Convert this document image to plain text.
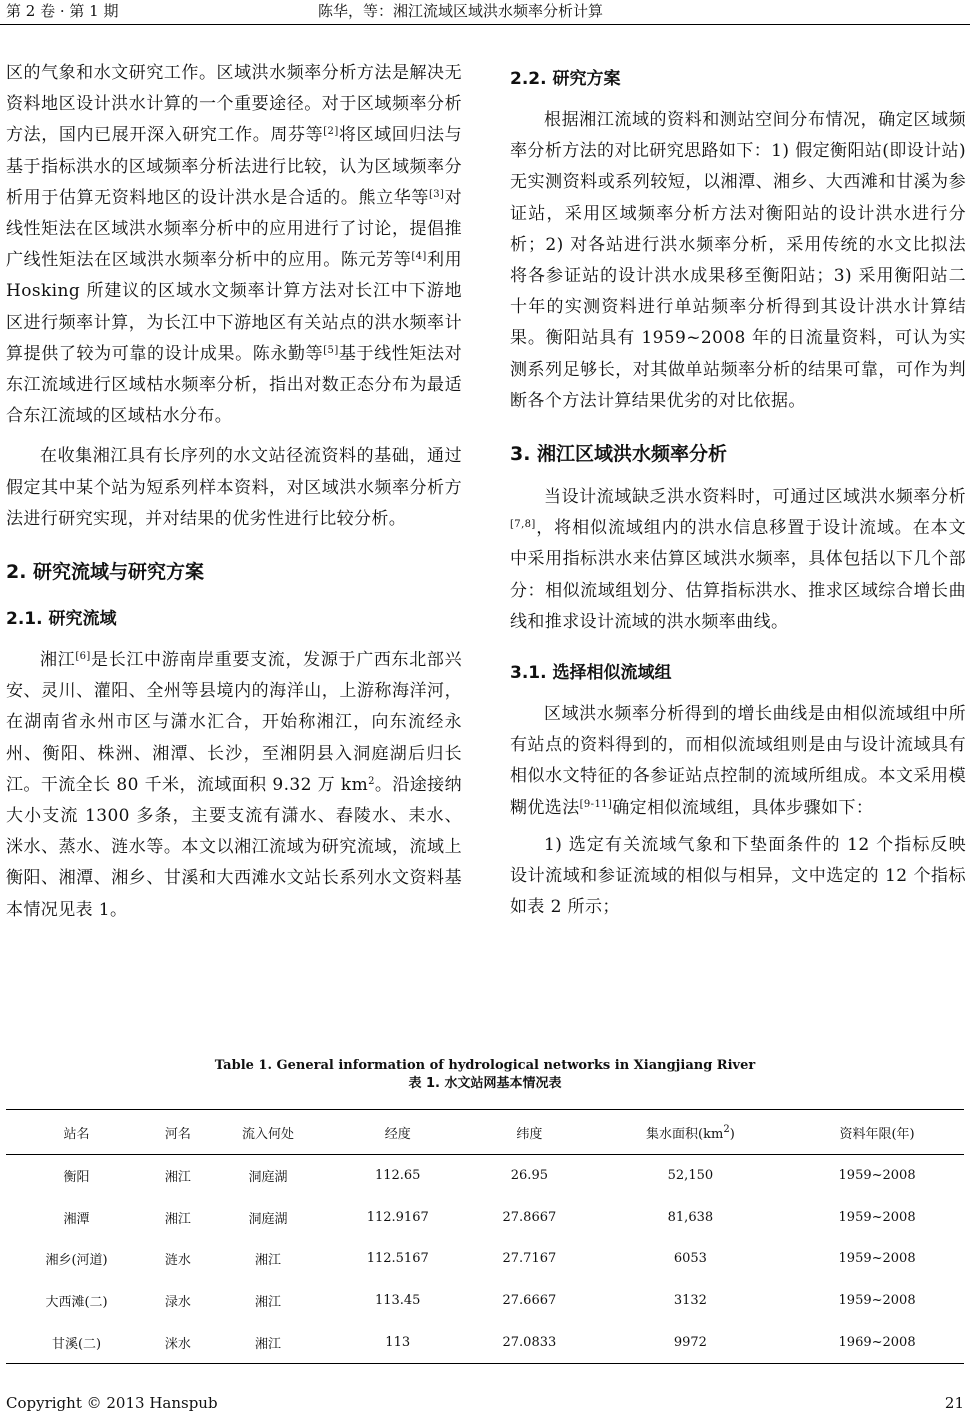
第 2 卷 · 第 1 期	陈华，等：湘江流域区域洪水频率分析计算

区的气象和水文研究工作。区域洪水频率分析方法是解决无资料地区设计洪水计算的一个重要途径。对于区域频率分析方法，国内已展开深入研究工作。周芬等[2]将区域回归法与基于指标洪水的区域频率分析法进行比较，认为区域频率分析用于估算无资料地区的设计洪水是合适的。熊立华等[3]对线性矩法在区域洪水频率分析中的应用进行了讨论，提倡推广线性矩法在区域洪水频率分析中的应用。陈元芳等[4]利用 Hosking 所建议的区域水文频率计算方法对长江中下游地区进行频率计算，为长江中下游地区有关站点的洪水频率计算提供了较为可靠的设计成果。陈永勤等[5]基于线性矩法对东江流域进行区域枯水频率分析，指出对数正态分布为最适合东江流域的区域枯水分布。

在收集湘江具有长序列的水文站径流资料的基础，通过假定其中某个站为短系列样本资料，对区域洪水频率分析方法进行研究实现，并对结果的优劣性进行比较分析。

2. 研究流域与研究方案
2.1. 研究流域

湘江[6]是长江中游南岸重要支流，发源于广西东北部兴安、灵川、灌阳、全州等县境内的海洋山，上游称海洋河，在湖南省永州市区与潇水汇合，开始称湘江，向东流经永州、衡阳、株洲、湘潭、长沙，至湘阴县入洞庭湖后归长江。干流全长 80 千米，流域面积 9.32 万 $km^2$。沿途接纳大小支流 1300 多条，主要支流有潇水、舂陵水、耒水、洣水、蒸水、涟水等。本文以湘江流域为研究流域，流域上衡阳、湘潭、湘乡、甘溪和大西滩水文站长系列水文资料基本情况见表 1。

2.2. 研究方案

根据湘江流域的资料和测站空间分布情况，确定区域频率分析方法的对比研究思路如下：1) 假定衡阳站(即设计站)无实测资料或系列较短，以湘潭、湘乡、大西滩和甘溪为参证站，采用区域频率分析方法对衡阳站的设计洪水进行分析；2) 对各站进行洪水频率分析，采用传统的水文比拟法将各参证站的设计洪水成果移至衡阳站；3) 采用衡阳站二十年的实测资料进行单站频率分析得到其设计洪水计算结果。衡阳站具有 1959~2008 年的日流量资料，可认为实测系列足够长，对其做单站频率分析的结果可靠，可作为判断各个方法计算结果优劣的对比依据。

3. 湘江区域洪水频率分析

当设计流域缺乏洪水资料时，可通过区域洪水频率分析[7,8]，将相似流域组内的洪水信息移置于设计流域。在本文中采用指标洪水来估算区域洪水频率，具体包括以下几个部分：相似流域组划分、估算指标洪水、推求区域综合增长曲线和推求设计流域的洪水频率曲线。

3.1. 选择相似流域组

区域洪水频率分析得到的增长曲线是由相似流域组中所有站点的资料得到的，而相似流域组则是由与设计流域具有相似水文特征的各参证站点控制的流域所组成。本文采用模糊优选法[9-11]确定相似流域组，具体步骤如下：

1) 选定有关流域气象和下垫面条件的 12 个指标反映设计流域和参证流域的相似与相异，文中选定的 12 个指标如表 2 所示；

Table 1. General information of hydrological networks in Xiangjiang River
表 1. 水文站网基本情况表
站名	河名	流入何处	经度	纬度	集水面积$(km^2)$	资料年限(年)
衡阳	湘江	洞庭湖	112.65	26.95	52,150	1959~2008
湘潭	湘江	洞庭湖	112.9167	27.8667	81,638	1959~2008
湘乡(河道)	涟水	湘江	112.5167	27.7167	6053	1959~2008
大西滩(二)	渌水	湘江	113.45	27.6667	3132	1959~2008
甘溪(二)	洣水	湘江	113	27.0833	9972	1969~2008
Copyright © 2013 Hanspub	21
